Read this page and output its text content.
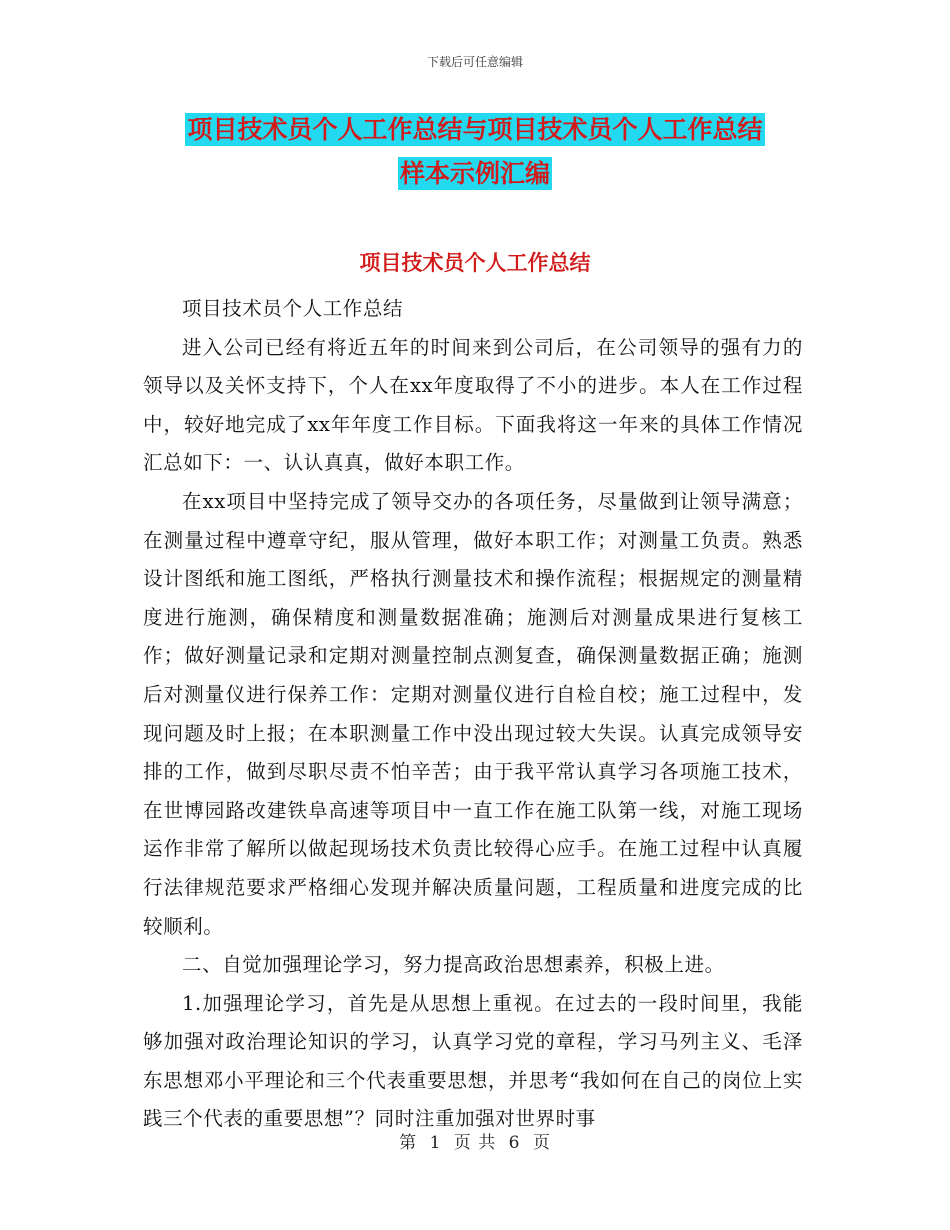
下载后可任意编辑
项目技术员个人工作总结与项目技术员个人工作总结
样本示例汇编
项目技术员个人工作总结

项目技术员个人工作总结

进入公司已经有将近五年的时间来到公司后，在公司领导的强有力的领导以及关怀支持下，个人在xx年度取得了不小的进步。本人在工作过程中，较好地完成了xx年年度工作目标。下面我将这一年来的具体工作情况汇总如下：一、认认真真，做好本职工作。

在xx项目中坚持完成了领导交办的各项任务，尽量做到让领导满意；在测量过程中遵章守纪，服从管理，做好本职工作；对测量工负责。熟悉设计图纸和施工图纸，严格执行测量技术和操作流程；根据规定的测量精度进行施测，确保精度和测量数据准确；施测后对测量成果进行复核工作；做好测量记录和定期对测量控制点测复查，确保测量数据正确；施测后对测量仪进行保养工作：定期对测量仪进行自检自校；施工过程中，发现问题及时上报；在本职测量工作中没出现过较大失误。认真完成领导安排的工作，做到尽职尽责不怕辛苦；由于我平常认真学习各项施工技术，在世博园路改建铁阜高速等项目中一直工作在施工队第一线，对施工现场运作非常了解所以做起现场技术负责比较得心应手。在施工过程中认真履行法律规范要求严格细心发现并解决质量问题，工程质量和进度完成的比较顺利。

二、自觉加强理论学习，努力提高政治思想素养，积极上进。

1.加强理论学习，首先是从思想上重视。在过去的一段时间里，我能够加强对政治理论知识的学习，认真学习党的章程，学习马列主义、毛泽东思想邓小平理论和三个代表重要思想，并思考“我如何在自己的岗位上实践三个代表的重要思想”？同时注重加强对世界时事

第 1 页 共 6 页
